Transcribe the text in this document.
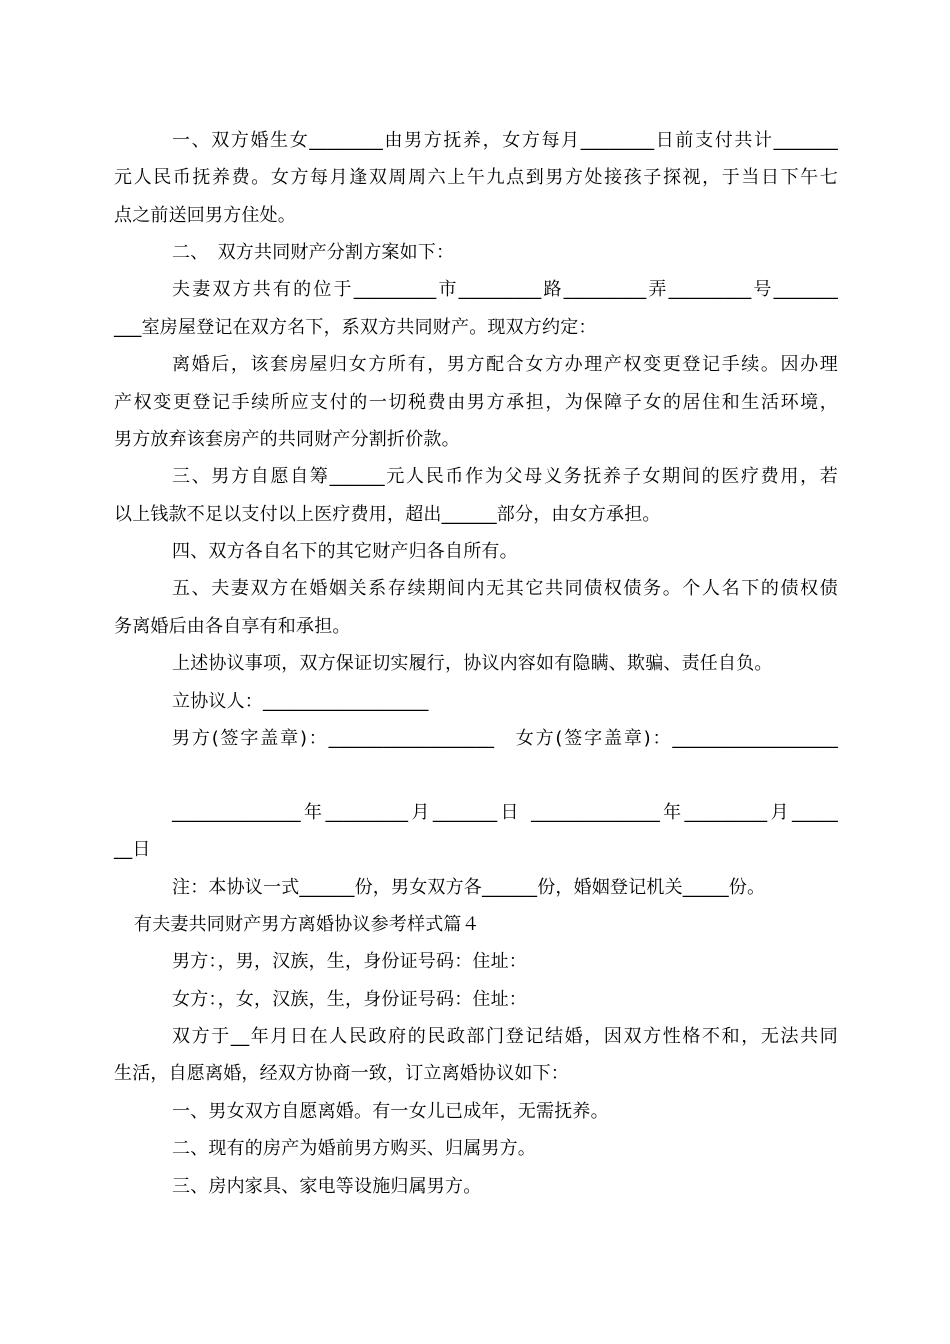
一、双方婚生女________由男方抚养，女方每月________日前支付共计_______
元人民币抚养费。女方每月逢双周周六上午九点到男方处接孩子探视，于当日下午七
点之前送回男方住处。
二、　双方共同财产分割方案如下：
夫妻双方共有的位于_________市_________路_________弄_________号_______
___室房屋登记在双方名下，系双方共同财产。现双方约定：
离婚后，该套房屋归女方所有，男方配合女方办理产权变更登记手续。因办理
产权变更登记手续所应支付的一切税费由男方承担，为保障子女的居住和生活环境，
男方放弃该套房产的共同财产分割折价款。
三、男方自愿自筹______元人民币作为父母义务抚养子女期间的医疗费用，若
以上钱款不足以支付以上医疗费用，超出______部分，由女方承担。
四、双方各自名下的其它财产归各自所有。
五、夫妻双方在婚姻关系存续期间内无其它共同债权债务。个人名下的债权债
务离婚后由各自享有和承担。
上述协议事项，双方保证切实履行，协议内容如有隐瞒、欺骗、责任自负。
立协议人：__________________
男方(签字盖章)：__________________　女方(签字盖章)：__________________
______________年_________月_______日 ______________年_________月_____
__日
注：本协议一式______份，男女双方各______份，婚姻登记机关_____份。
有夫妻共同财产男方离婚协议参考样式篇４
男方：，男，汉族，生，身份证号码：住址：
女方：，女，汉族，生，身份证号码：住址：
双方于__年月日在人民政府的民政部门登记结婚，因双方性格不和，无法共同
生活，自愿离婚，经双方协商一致，订立离婚协议如下：
一、男女双方自愿离婚。有一女儿已成年，无需抚养。
二、现有的房产为婚前男方购买、归属男方。
三、房内家具、家电等设施归属男方。
